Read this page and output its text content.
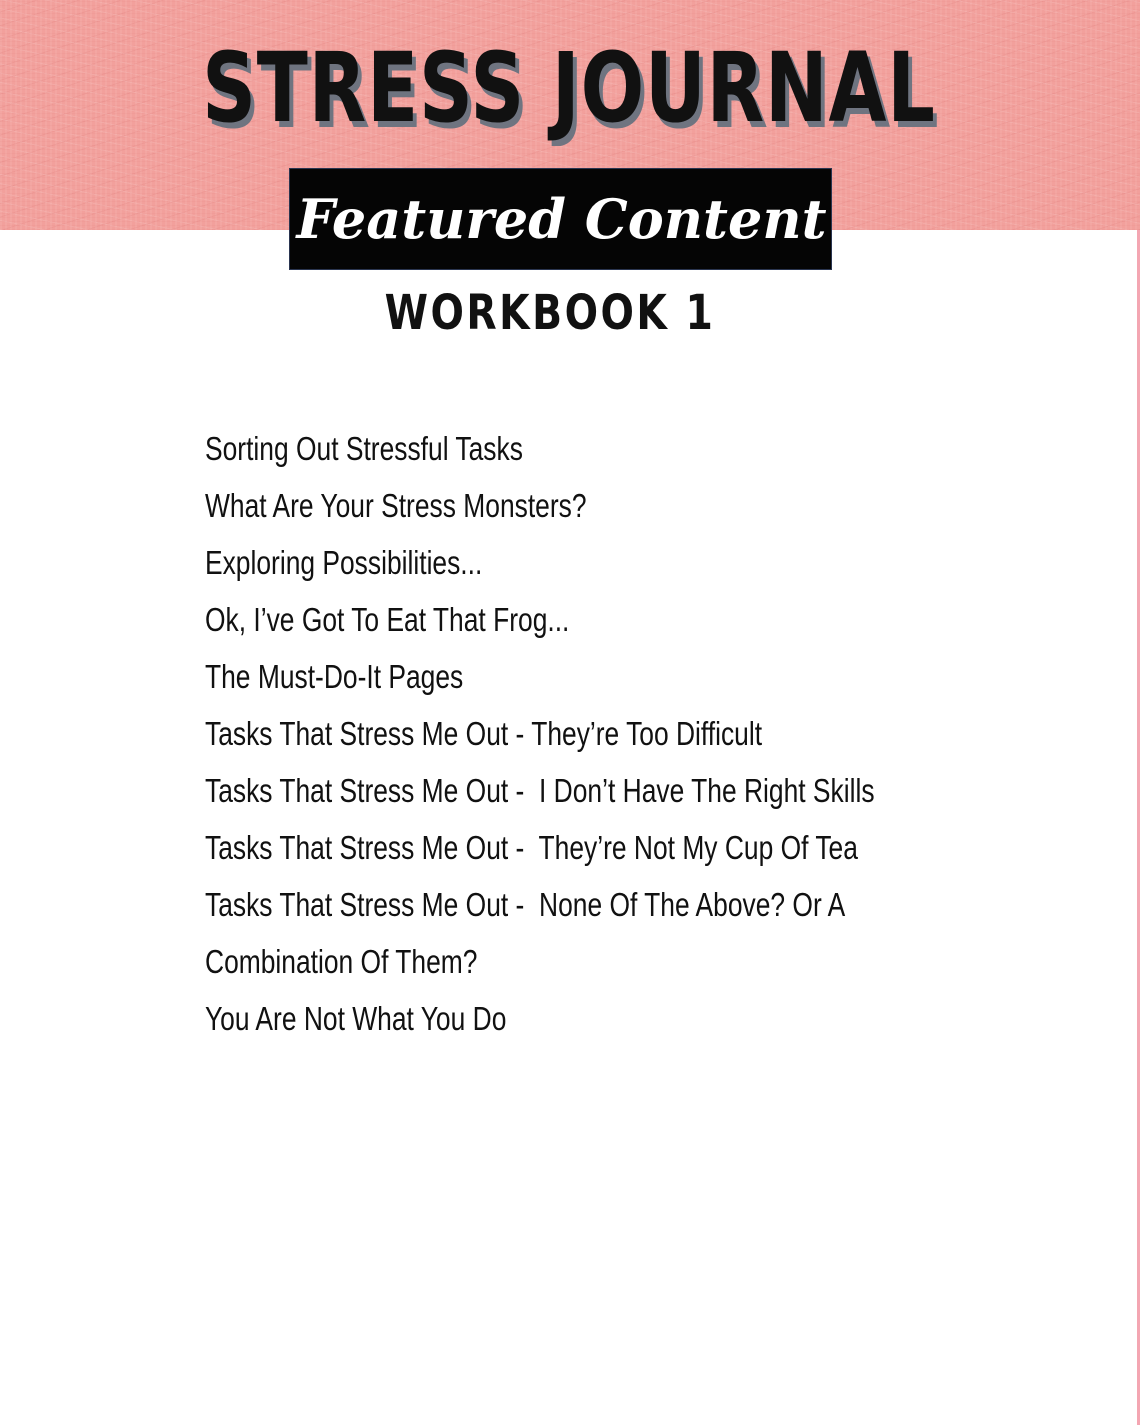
STRESS JOURNAL
Featured Content
WORKBOOK 1
Sorting Out Stressful Tasks
What Are Your Stress Monsters?
Exploring Possibilities...
Ok, I’ve Got To Eat That Frog...
The Must-Do-It Pages
Tasks That Stress Me Out - They’re Too Difficult
Tasks That Stress Me Out -  I Don’t Have The Right Skills
Tasks That Stress Me Out -  They’re Not My Cup Of Tea
Tasks That Stress Me Out -  None Of The Above? Or A
Combination Of Them?
You Are Not What You Do
